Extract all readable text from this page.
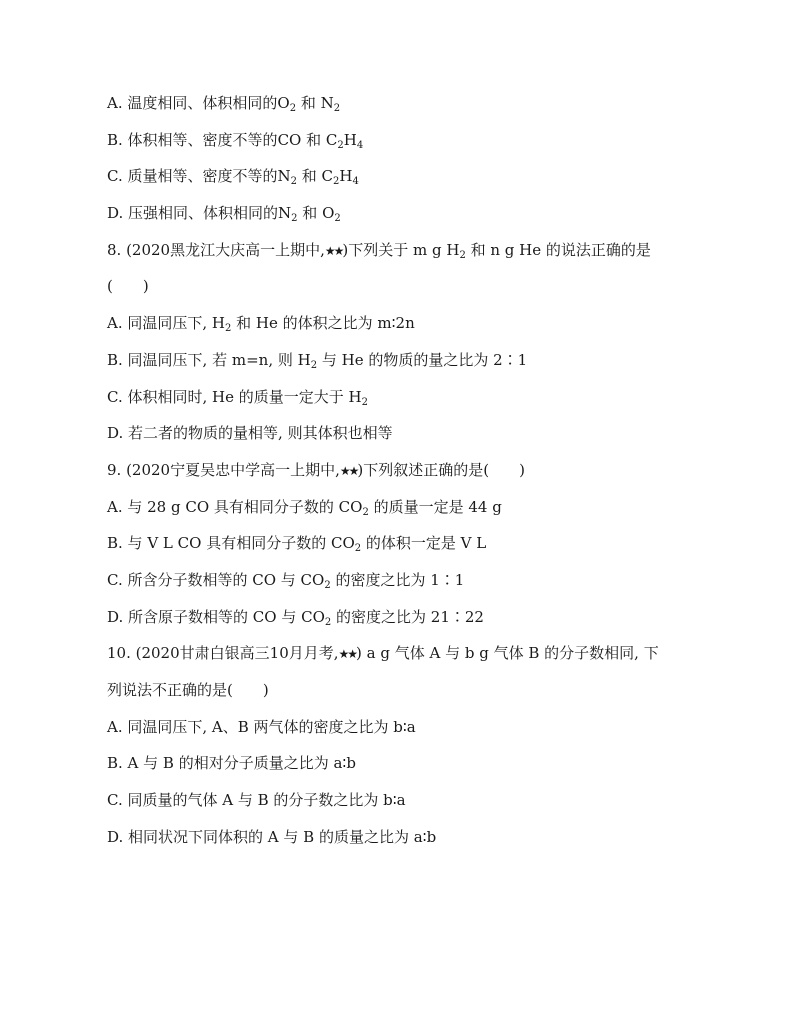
A. 温度相同、体积相同的$O_2$ 和 $N_2$
B. 体积相等、密度不等的CO 和 $C_2H_4$
C. 质量相等、密度不等的$N_2$ 和 $C_2H_4$
D. 压强相同、体积相同的$N_2$ 和 $O_2$
8. (2020黑龙江大庆高一上期中,★★)下列关于 m g $H_2$ 和 n g He 的说法正确的是
(　　)
A. 同温同压下, $H_2$ 和 He 的体积之比为 m∶2n
B. 同温同压下, 若 m=n, 则 $H_2$ 与 He 的物质的量之比为 2∶1
C. 体积相同时, He 的质量一定大于 $H_2$
D. 若二者的物质的量相等, 则其体积也相等
9. (2020宁夏吴忠中学高一上期中,★★)下列叙述正确的是(　　)
A. 与 28 g CO 具有相同分子数的 $CO_2$ 的质量一定是 44 g
B. 与 V L CO 具有相同分子数的 $CO_2$ 的体积一定是 V L
C. 所含分子数相等的 CO 与 $CO_2$ 的密度之比为 1∶1
D. 所含原子数相等的 CO 与 $CO_2$ 的密度之比为 21∶22
10. (2020甘肃白银高三10月月考,★★) a g 气体 A 与 b g 气体 B 的分子数相同, 下
列说法不正确的是(　　)
A. 同温同压下, A、B 两气体的密度之比为 b∶a
B. A 与 B 的相对分子质量之比为 a∶b
C. 同质量的气体 A 与 B 的分子数之比为 b∶a
D. 相同状况下同体积的 A 与 B 的质量之比为 a∶b
